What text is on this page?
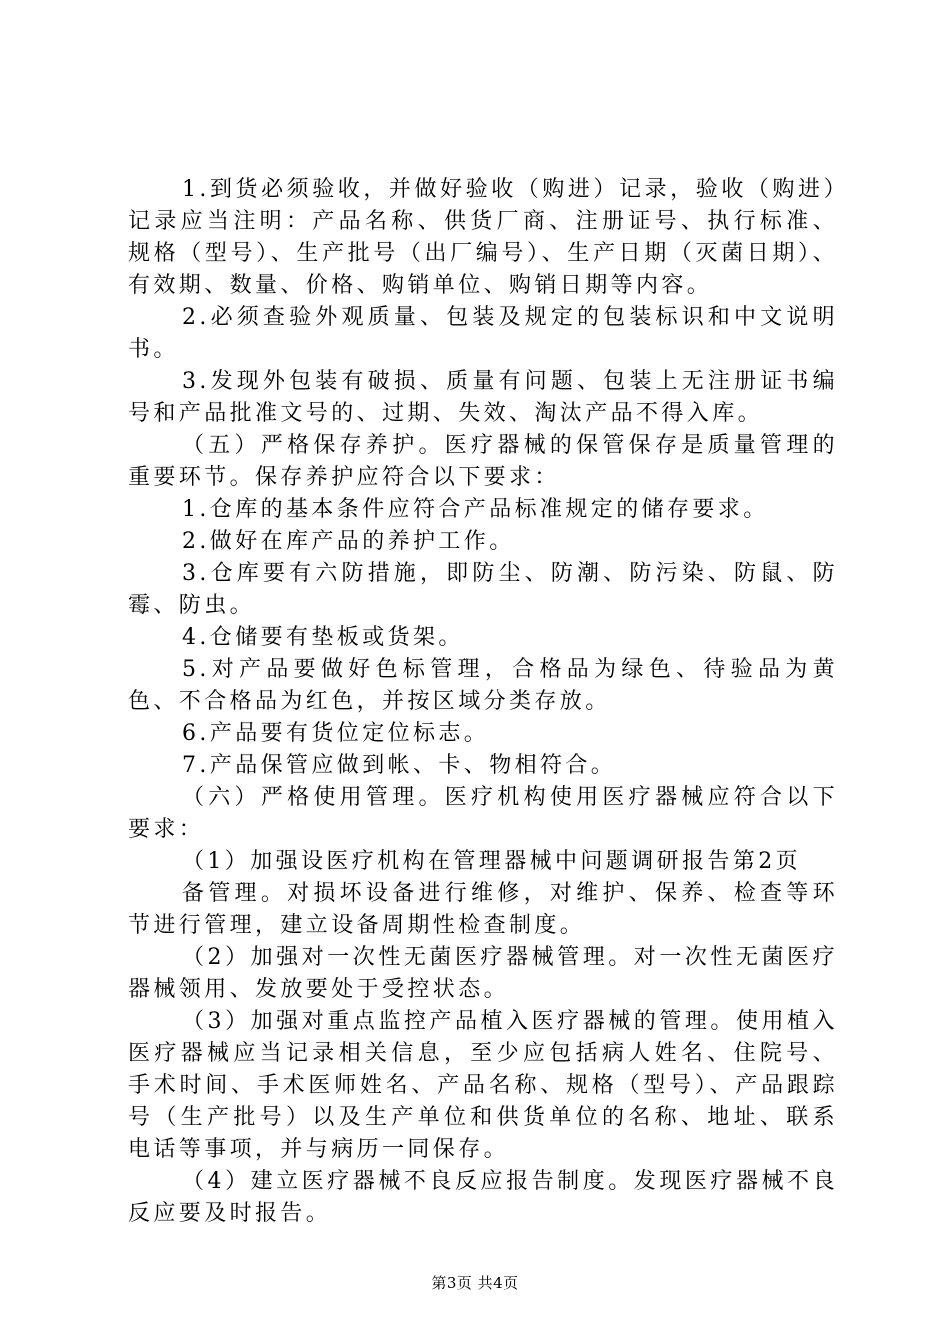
1.到货必须验收，并做好验收（购进）记录，验收（购进）记录应当注明：产品名称、供货厂商、注册证号、执行标准、规格（型号）、生产批号（出厂编号）、生产日期（灭菌日期）、有效期、数量、价格、购销单位、购销日期等内容。

2.必须查验外观质量、包装及规定的包装标识和中文说明书。

3.发现外包装有破损、质量有问题、包装上无注册证书编号和产品批准文号的、过期、失效、淘汰产品不得入库。

（五）严格保存养护。医疗器械的保管保存是质量管理的重要环节。保存养护应符合以下要求：

1.仓库的基本条件应符合产品标准规定的储存要求。

2.做好在库产品的养护工作。

3.仓库要有六防措施，即防尘、防潮、防污染、防鼠、防霉、防虫。

4.仓储要有垫板或货架。

5.对产品要做好色标管理，合格品为绿色、待验品为黄色、不合格品为红色，并按区域分类存放。

6.产品要有货位定位标志。

7.产品保管应做到帐、卡、物相符合。

（六）严格使用管理。医疗机构使用医疗器械应符合以下要求：

（1）加强设医疗机构在管理器械中问题调研报告第2页

备管理。对损坏设备进行维修，对维护、保养、检查等环节进行管理，建立设备周期性检查制度。

（2）加强对一次性无菌医疗器械管理。对一次性无菌医疗器械领用、发放要处于受控状态。

（3）加强对重点监控产品植入医疗器械的管理。使用植入医疗器械应当记录相关信息，至少应包括病人姓名、住院号、手术时间、手术医师姓名、产品名称、规格（型号）、产品跟踪号（生产批号）以及生产单位和供货单位的名称、地址、联系电话等事项，并与病历一同保存。

（4）建立医疗器械不良反应报告制度。发现医疗器械不良反应要及时报告。

第3页 共4页
